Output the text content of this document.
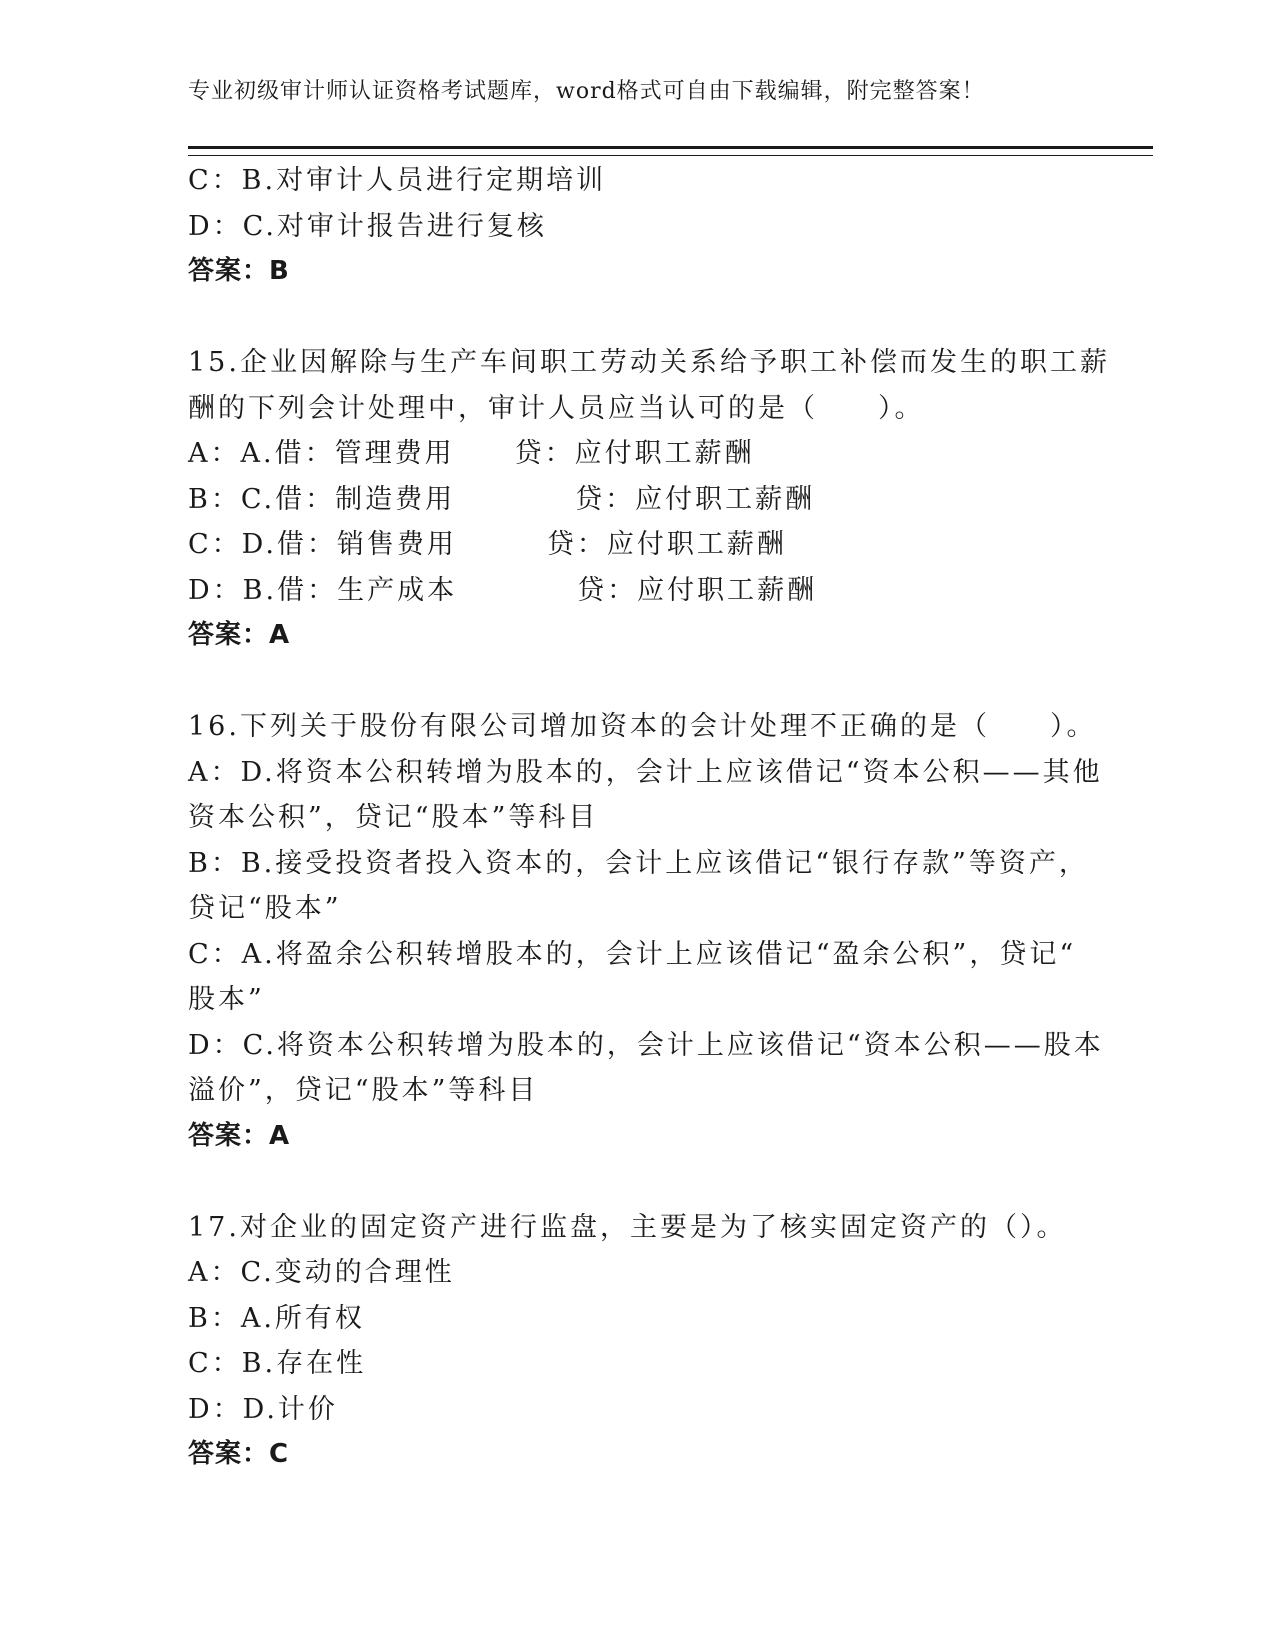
专业初级审计师认证资格考试题库，word格式可自由下载编辑，附完整答案！

C：B.对审计人员进行定期培训

D：C.对审计报告进行复核

答案：B

15.企业因解除与生产车间职工劳动关系给予职工补偿而发生的职工薪

酬的下列会计处理中，审计人员应当认可的是（　　）。

A：A.借：管理费用　　贷：应付职工薪酬

B：C.借：制造费用　　　　贷：应付职工薪酬

C：D.借：销售费用　　　贷：应付职工薪酬

D：B.借：生产成本　　　　贷：应付职工薪酬

答案：A

16.下列关于股份有限公司增加资本的会计处理不正确的是（　　）。

A：D.将资本公积转增为股本的，会计上应该借记“资本公积——其他

资本公积”，贷记“股本”等科目

B：B.接受投资者投入资本的，会计上应该借记“银行存款”等资产，

贷记“股本”

C：A.将盈余公积转增股本的，会计上应该借记“盈余公积”，贷记“

股本”

D：C.将资本公积转增为股本的，会计上应该借记“资本公积——股本

溢价”，贷记“股本”等科目

答案：A

17.对企业的固定资产进行监盘，主要是为了核实固定资产的（）。

A：C.变动的合理性

B：A.所有权

C：B.存在性

D：D.计价

答案：C
